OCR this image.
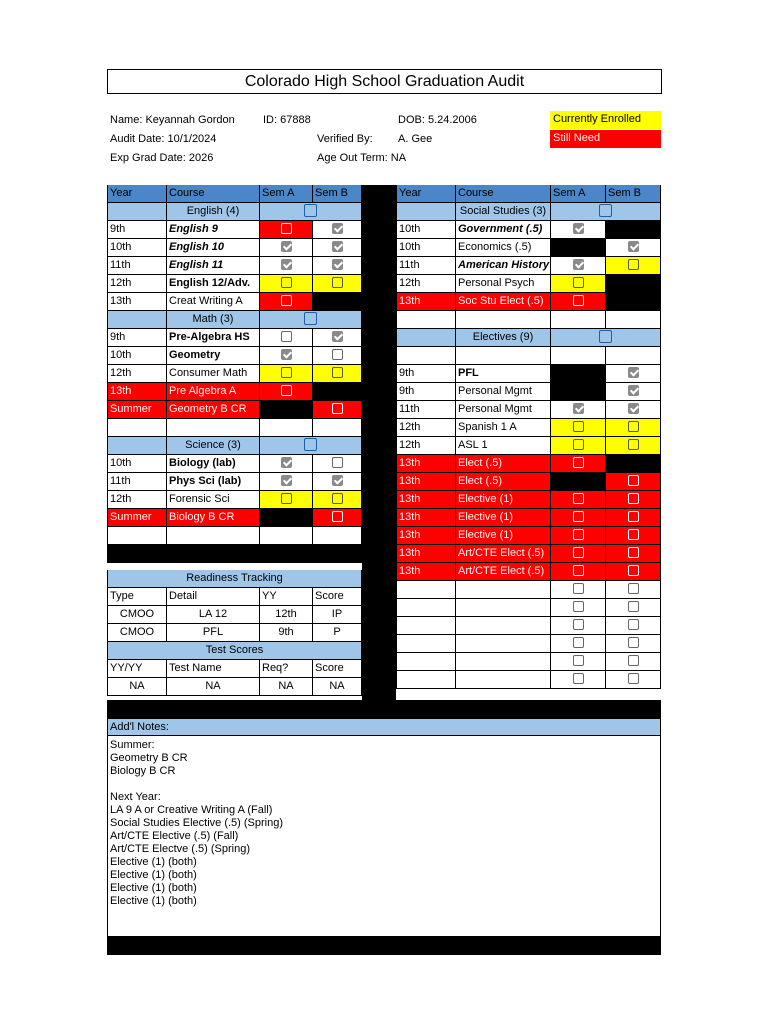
Colorado High School Graduation Audit
Name: Keyannah Gordon	ID: 67888	DOB: 5.24.2006
Audit Date: 10/1/2024	Verified By: A. Gee
Exp Grad Date: 2026	Age Out Term: NA
Currently Enrolled
Still Need
Year	Course	Sem A	Sem B
English (4)
9th	English 9
10th	English 10
11th	English 11
12th	English 12/Adv.
13th	Creat Writing A
Math (3)
9th	Pre-Algebra HS
10th	Geometry
12th	Consumer Math
13th	Pre Algebra A
Summer	Geometry B CR
Science (3)
10th	Biology (lab)
11th	Phys Sci (lab)
12th	Forensic Sci
Summer	Biology B CR
Readiness Tracking
Type	Detail	YY	Score
CMOO	LA 12	12th	IP
CMOO	PFL	9th	P
Test Scores
YY/YY	Test Name	Req?	Score
NA	NA	NA	NA
Year	Course	Sem A	Sem B
Social Studies (3)
10th	Government (.5)
10th	Economics (.5)
11th	American History
12th	Personal Psych
13th	Soc Stu Elect (.5)
Electives (9)
9th	PFL
9th	Personal Mgmt
11th	Personal Mgmt
12th	Spanish 1 A
12th	ASL 1
13th	Elect (.5)
13th	Elect (.5)
13th	Elective (1)
13th	Elective (1)
13th	Elective (1)
13th	Art/CTE Elect (.5)
13th	Art/CTE Elect (.5)
Add'l Notes:
Summer:
Geometry B CR
Biology B CR

Next Year:
LA 9 A or Creative Writing A (Fall)
Social Studies Elective (.5) (Spring)
Art/CTE Elective (.5) (Fall)
Art/CTE Electve (.5) (Spring)
Elective (1) (both)
Elective (1) (both)
Elective (1) (both)
Elective (1) (both)
